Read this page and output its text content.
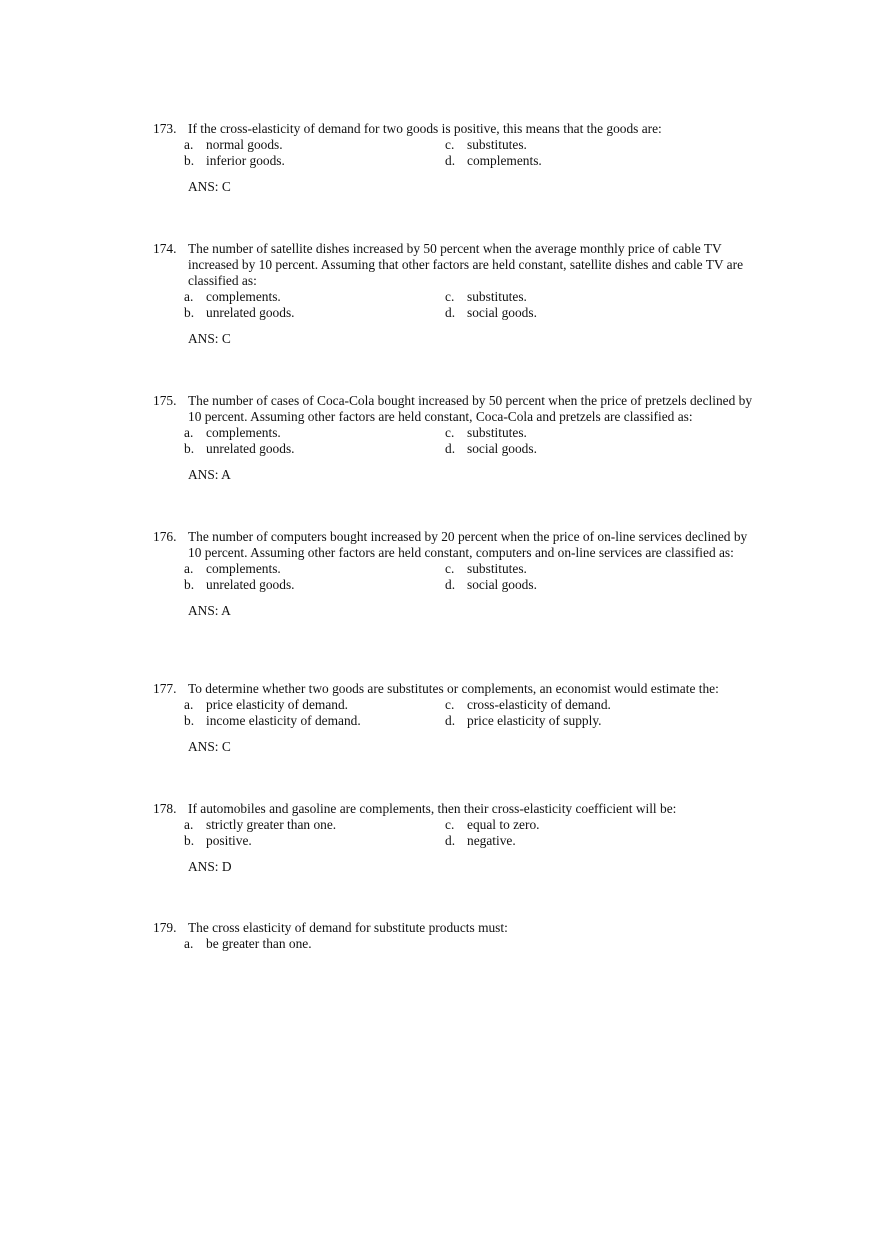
173. If the cross-elasticity of demand for two goods is positive, this means that the goods are:
a. normal goods.	c. substitutes.
b. inferior goods.	d. complements.
ANS: C
174. The number of satellite dishes increased by 50 percent when the average monthly price of cable TV increased by 10 percent. Assuming that other factors are held constant, satellite dishes and cable TV are classified as:
a. complements.	c. substitutes.
b. unrelated goods.	d. social goods.
ANS: C
175. The number of cases of Coca-Cola bought increased by 50 percent when the price of pretzels declined by 10 percent. Assuming other factors are held constant, Coca-Cola and pretzels are classified as:
a. complements.	c. substitutes.
b. unrelated goods.	d. social goods.
ANS: A
176. The number of computers bought increased by 20 percent when the price of on-line services declined by 10 percent. Assuming other factors are held constant, computers and on-line services are classified as:
a. complements.	c. substitutes.
b. unrelated goods.	d. social goods.
ANS: A
177. To determine whether two goods are substitutes or complements, an economist would estimate the:
a. price elasticity of demand.	c. cross-elasticity of demand.
b. income elasticity of demand.	d. price elasticity of supply.
ANS: C
178. If automobiles and gasoline are complements, then their cross-elasticity coefficient will be:
a. strictly greater than one.	c. equal to zero.
b. positive.	d. negative.
ANS: D
179. The cross elasticity of demand for substitute products must:
a. be greater than one.
